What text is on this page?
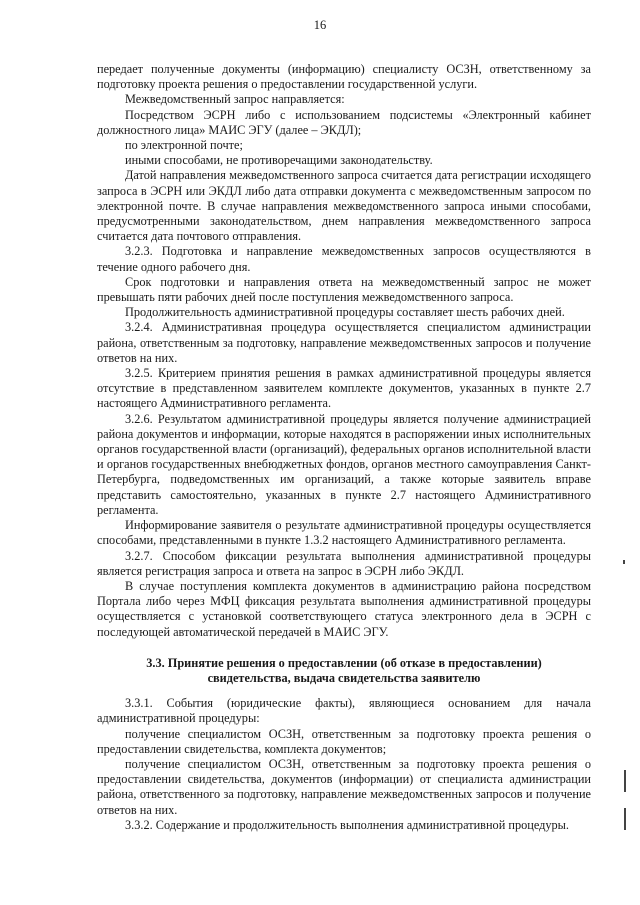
16

передает полученные документы (информацию) специалисту ОСЗН, ответственному за подготовку проекта решения о предоставлении государственной услуги.

Межведомственный запрос направляется:

Посредством ЭСРН либо с использованием подсистемы «Электронный кабинет должностного лица» МАИС ЭГУ (далее – ЭКДЛ);

по электронной почте;

иными способами, не противоречащими законодательству.

Датой направления межведомственного запроса считается дата регистрации исходящего запроса в ЭСРН или ЭКДЛ либо дата отправки документа с межведомственным запросом по электронной почте. В случае направления межведомственного запроса иными способами, предусмотренными законодательством, днем направления межведомственного запроса считается дата почтового отправления.

3.2.3. Подготовка и направление межведомственных запросов осуществляются в течение одного рабочего дня.

Срок подготовки и направления ответа на межведомственный запрос не может превышать пяти рабочих дней после поступления межведомственного запроса.

Продолжительность административной процедуры составляет шесть рабочих дней.

3.2.4. Административная процедура осуществляется специалистом администрации района, ответственным за подготовку, направление межведомственных запросов и получение ответов на них.

3.2.5. Критерием принятия решения в рамках административной процедуры является отсутствие в представленном заявителем комплекте документов, указанных в пункте 2.7 настоящего Административного регламента.

3.2.6. Результатом административной процедуры является получение администрацией района документов и информации, которые находятся в распоряжении иных исполнительных органов государственной власти (организаций), федеральных органов исполнительной власти и органов государственных внебюджетных фондов, органов местного самоуправления Санкт-Петербурга, подведомственных им организаций, а также которые заявитель вправе представить самостоятельно, указанных в пункте 2.7 настоящего Административного регламента.

Информирование заявителя о результате административной процедуры осуществляется способами, представленными в пункте 1.3.2 настоящего Административного регламента.

3.2.7. Способом фиксации результата выполнения административной процедуры является регистрация запроса и ответа на запрос в ЭСРН либо ЭКДЛ.

В случае поступления комплекта документов в администрацию района посредством Портала либо через МФЦ фиксация результата выполнения административной процедуры осуществляется с установкой соответствующего статуса электронного дела в ЭСРН с последующей автоматической передачей в МАИС ЭГУ.

3.3. Принятие решения о предоставлении (об отказе в предоставлении)
свидетельства, выдача свидетельства заявителю

3.3.1. События (юридические факты), являющиеся основанием для начала административной процедуры:

получение специалистом ОСЗН, ответственным за подготовку проекта решения о предоставлении свидетельства, комплекта документов;

получение специалистом ОСЗН, ответственным за подготовку проекта решения о предоставлении свидетельства, документов (информации) от специалиста администрации района, ответственного за подготовку, направление межведомственных запросов и получение ответов на них.

3.3.2. Содержание и продолжительность выполнения административной процедуры.
